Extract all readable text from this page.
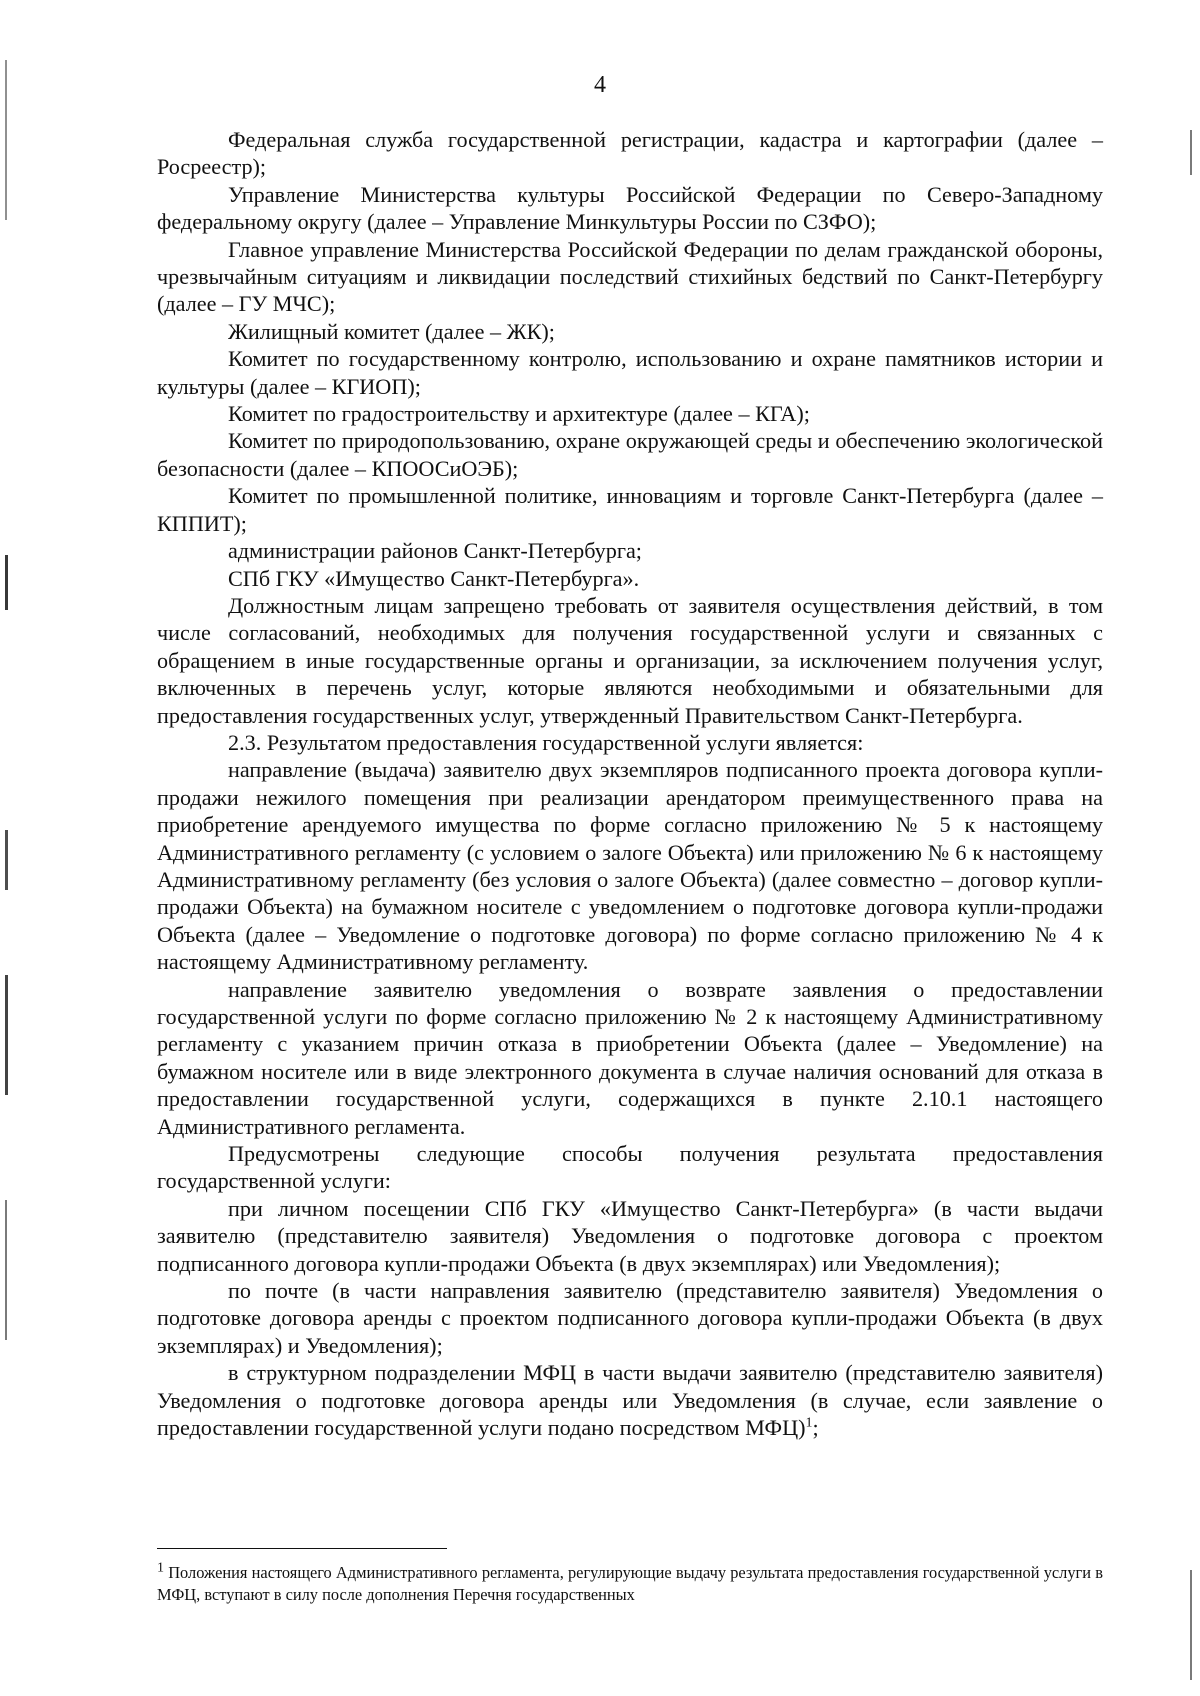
4

Федеральная служба государственной регистрации, кадастра и картографии (далее – Росреестр);

Управление Министерства культуры Российской Федерации по Северо-Западному федеральному округу (далее – Управление Минкультуры России по СЗФО);

Главное управление Министерства Российской Федерации по делам гражданской обороны, чрезвычайным ситуациям и ликвидации последствий стихийных бедствий по Санкт-Петербургу (далее – ГУ МЧС);

Жилищный комитет (далее – ЖК);

Комитет по государственному контролю, использованию и охране памятников истории и культуры (далее – КГИОП);

Комитет по градостроительству и архитектуре (далее – КГА);

Комитет по природопользованию, охране окружающей среды и обеспечению экологической безопасности (далее – КПООСиОЭБ);

Комитет по промышленной политике, инновациям и торговле Санкт-Петербурга (далее – КППИТ);

администрации районов Санкт-Петербурга;

СПб ГКУ «Имущество Санкт-Петербурга».

Должностным лицам запрещено требовать от заявителя осуществления действий, в том числе согласований, необходимых для получения государственной услуги и связанных с обращением в иные государственные органы и организации, за исключением получения услуг, включенных в перечень услуг, которые являются необходимыми и обязательными для предоставления государственных услуг, утвержденный Правительством Санкт-Петербурга.

2.3. Результатом предоставления государственной услуги является:

направление (выдача) заявителю двух экземпляров подписанного проекта договора купли-продажи нежилого помещения при реализации арендатором преимущественного права на приобретение арендуемого имущества по форме согласно приложению № 5 к настоящему Административного регламенту (с условием о залоге Объекта) или приложению № 6 к настоящему Административному регламенту (без условия о залоге Объекта) (далее совместно – договор купли-продажи Объекта) на бумажном носителе с уведомлением о подготовке договора купли-продажи Объекта (далее – Уведомление о подготовке договора) по форме согласно приложению № 4 к настоящему Административному регламенту.

направление заявителю уведомления о возврате заявления о предоставлении государственной услуги по форме согласно приложению № 2 к настоящему Административному регламенту с указанием причин отказа в приобретении Объекта (далее – Уведомление) на бумажном носителе или в виде электронного документа в случае наличия оснований для отказа в предоставлении государственной услуги, содержащихся в пункте 2.10.1 настоящего Административного регламента.

Предусмотрены следующие способы получения результата предоставления государственной услуги:

при личном посещении СПб ГКУ «Имущество Санкт-Петербурга» (в части выдачи заявителю (представителю заявителя) Уведомления о подготовке договора с проектом подписанного договора купли-продажи Объекта (в двух экземплярах) или Уведомления);

по почте (в части направления заявителю (представителю заявителя) Уведомления о подготовке договора аренды с проектом подписанного договора купли-продажи Объекта (в двух экземплярах) и Уведомления);

в структурном подразделении МФЦ в части выдачи заявителю (представителю заявителя) Уведомления о подготовке договора аренды или Уведомления (в случае, если заявление о предоставлении государственной услуги подано посредством МФЦ)$^1$;

1 Положения настоящего Административного регламента, регулирующие выдачу результата предоставления государственной услуги в МФЦ, вступают в силу после дополнения Перечня государственных
